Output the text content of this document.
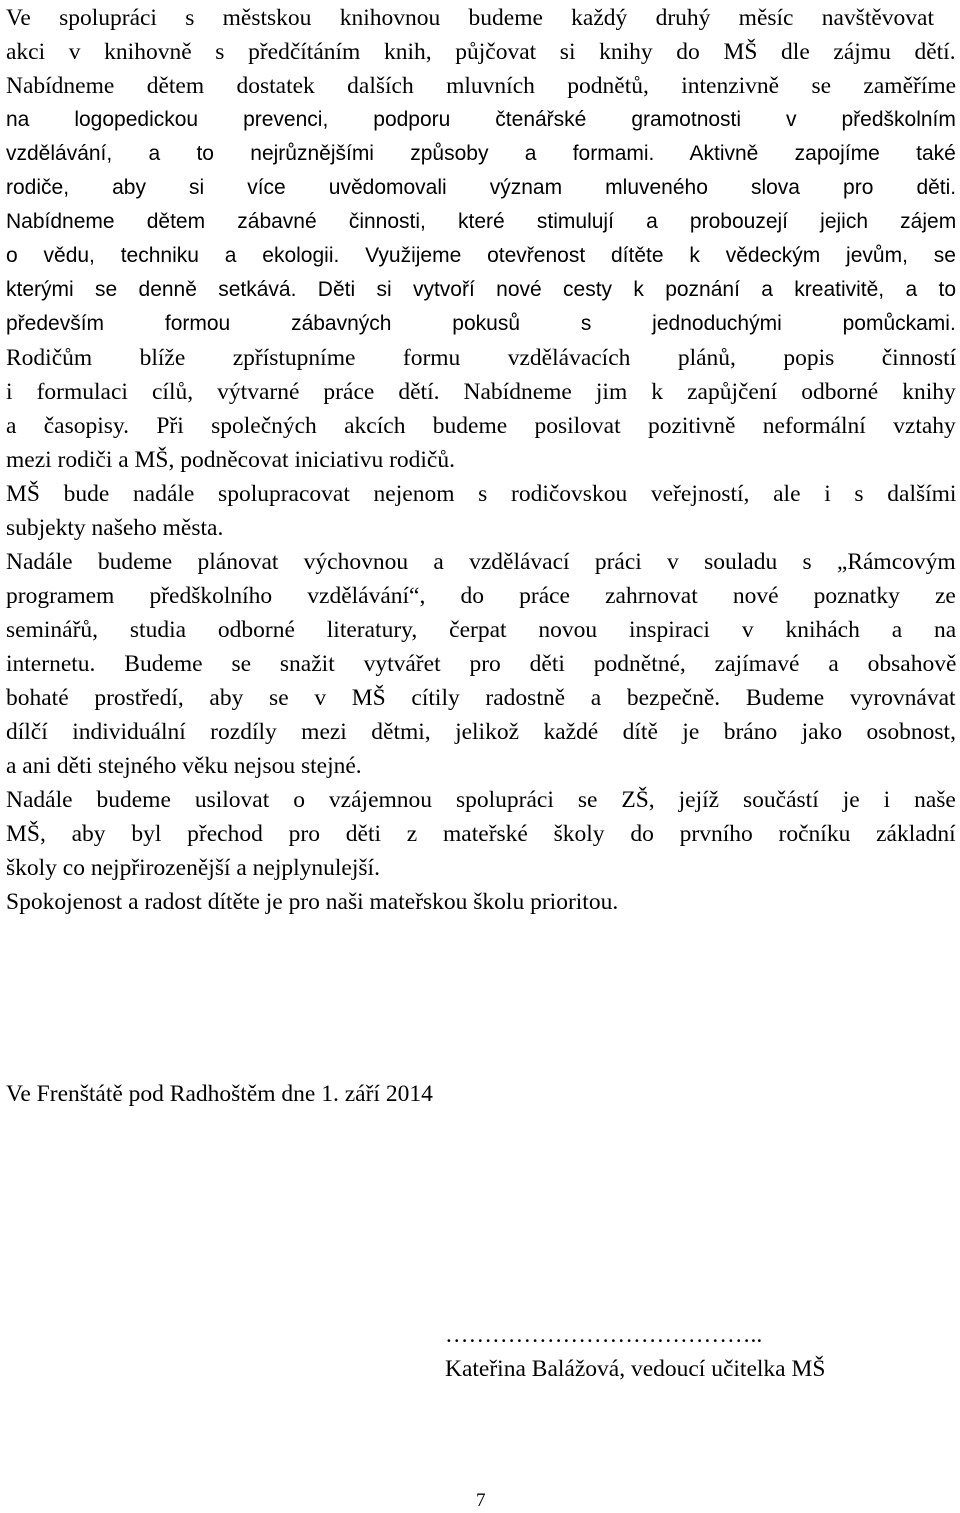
Ve spolupráci s městskou knihovnou budeme každý druhý měsíc navštěvovat
akci v knihovně s předčítáním knih, půjčovat si knihy do MŠ dle zájmu dětí.
Nabídneme dětem dostatek dalších mluvních podnětů, intenzivně se zaměříme
na logopedickou prevenci, podporu čtenářské gramotnosti v předškolním
vzdělávání, a to nejrůznějšími způsoby a formami. Aktivně zapojíme také
rodiče, aby si více uvědomovali význam mluveného slova pro děti.
Nabídneme dětem zábavné činnosti, které stimulují a probouzejí jejich zájem
o vědu, techniku a ekologii. Využijeme otevřenost dítěte k vědeckým jevům, se
kterými se denně setkává. Děti si vytvoří nové cesty k poznání a kreativitě, a to
především formou zábavných pokusů s jednoduchými pomůckami.
Rodičům blíže zpřístupníme formu vzdělávacích plánů, popis činností
i formulaci cílů, výtvarné práce dětí. Nabídneme jim k zapůjčení odborné knihy
a časopisy. Při společných akcích budeme posilovat pozitivně neformální vztahy
mezi rodiči a MŠ, podněcovat iniciativu rodičů.
MŠ bude nadále spolupracovat nejenom s rodičovskou veřejností, ale i s dalšími
subjekty našeho města.
Nadále budeme plánovat výchovnou a vzdělávací práci v souladu s „Rámcovým
programem předškolního vzdělávání“, do práce zahrnovat nové poznatky ze
seminářů, studia odborné literatury, čerpat novou inspiraci v knihách a na
internetu. Budeme se snažit vytvářet pro děti podnětné, zajímavé a obsahově
bohaté prostředí, aby se v MŠ cítily radostně a bezpečně. Budeme vyrovnávat
dílčí individuální rozdíly mezi dětmi, jelikož každé dítě je bráno jako osobnost,
a ani děti stejného věku nejsou stejné.
Nadále budeme usilovat o vzájemnou spolupráci se ZŠ, jejíž součástí je i naše
MŠ, aby byl přechod pro děti z mateřské školy do prvního ročníku základní
školy co nejpřirozenější a nejplynulejší.
Spokojenost a radost dítěte je pro naši mateřskou školu prioritou.

Ve Frenštátě pod Radhoštěm dne 1. září 2014

…………………………………..
Kateřina Balážová, vedoucí učitelka MŠ

7
